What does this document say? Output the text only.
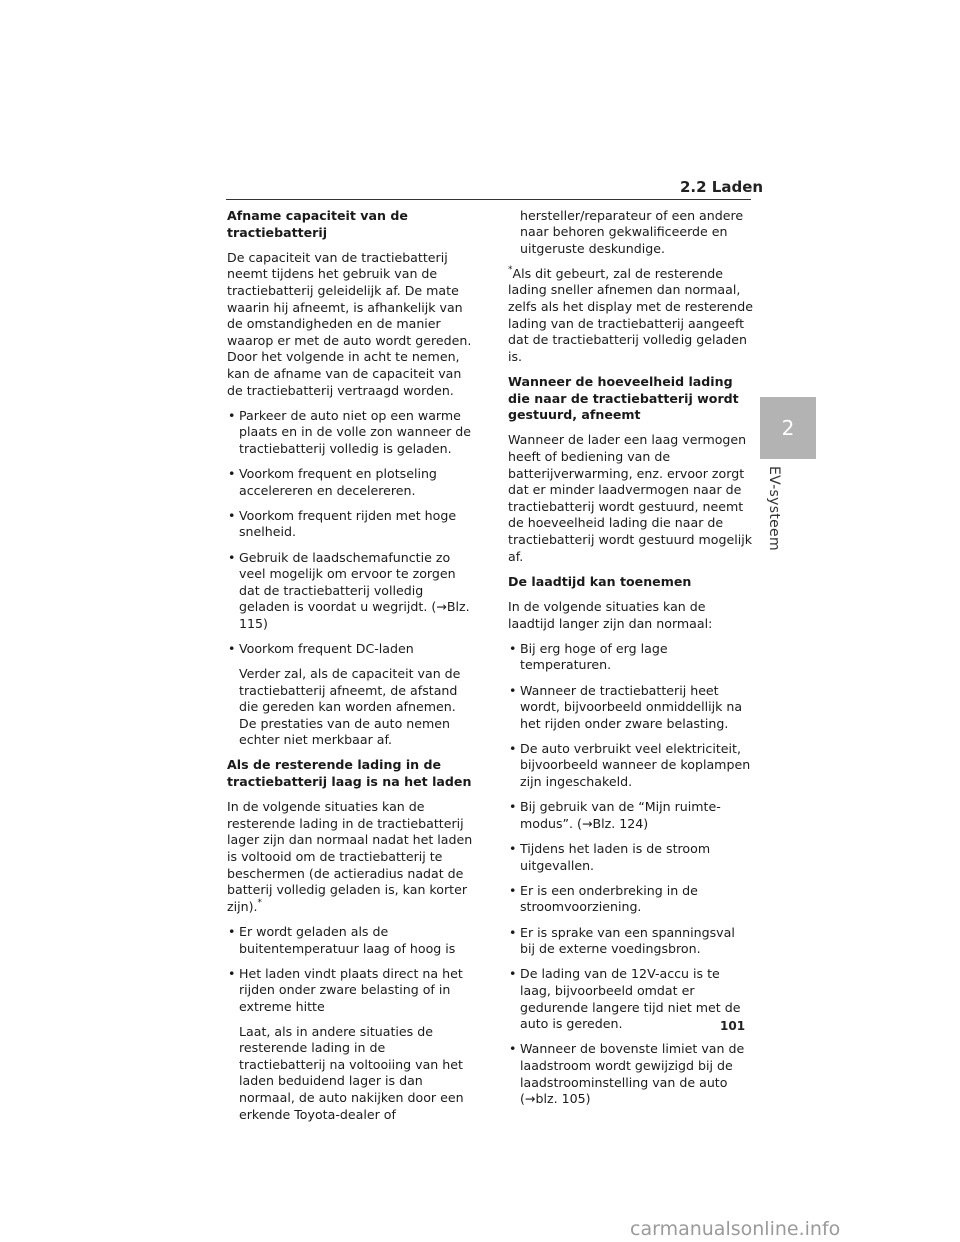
2.2 Laden
Afname capaciteit van de tractiebatterij

De capaciteit van de tractiebatterij neemt tijdens het gebruik van de tractiebatterij geleidelijk af. De mate waarin hij afneemt, is afhankelijk van de omstandigheden en de manier waarop er met de auto wordt gereden. Door het volgende in acht te nemen, kan de afname van de capaciteit van de tractiebatterij vertraagd worden.

• Parkeer de auto niet op een warme plaats en in de volle zon wanneer de tractiebatterij volledig is geladen.
• Voorkom frequent en plotseling accelereren en decelereren.
• Voorkom frequent rijden met hoge snelheid.
• Gebruik de laadschemafunctie zo veel mogelijk om ervoor te zorgen dat de tractiebatterij volledig geladen is voordat u wegrijdt. (→Blz. 115)
• Voorkom frequent DC-laden
Verder zal, als de capaciteit van de tractiebatterij afneemt, de afstand die gereden kan worden afnemen. De prestaties van de auto nemen echter niet merkbaar af.
Als de resterende lading in de tractiebatterij laag is na het laden

In de volgende situaties kan de resterende lading in de tractiebatterij lager zijn dan normaal nadat het laden is voltooid om de tractiebatterij te beschermen (de actieradius nadat de batterij volledig geladen is, kan korter zijn).*

• Er wordt geladen als de buitentemperatuur laag of hoog is
• Het laden vindt plaats direct na het rijden onder zware belasting of in extreme hitte
Laat, als in andere situaties de resterende lading in de tractiebatterij na voltooiing van het laden beduidend lager is dan normaal, de auto nakijken door een erkende Toyota-dealer of
hersteller/reparateur of een andere naar behoren gekwalificeerde en uitgeruste deskundige.

*Als dit gebeurt, zal de resterende lading sneller afnemen dan normaal, zelfs als het display met de resterende lading van de tractiebatterij aangeeft dat de tractiebatterij volledig geladen is.

Wanneer de hoeveelheid lading die naar de tractiebatterij wordt gestuurd, afneemt

Wanneer de lader een laag vermogen heeft of bediening van de batterijverwarming, enz. ervoor zorgt dat er minder laadvermogen naar de tractiebatterij wordt gestuurd, neemt de hoeveelheid lading die naar de tractiebatterij wordt gestuurd mogelijk af.

De laadtijd kan toenemen

In de volgende situaties kan de laadtijd langer zijn dan normaal:

• Bij erg hoge of erg lage temperaturen.
• Wanneer de tractiebatterij heet wordt, bijvoorbeeld onmiddellijk na het rijden onder zware belasting.
• De auto verbruikt veel elektriciteit, bijvoorbeeld wanneer de koplampen zijn ingeschakeld.
• Bij gebruik van de “Mijn ruimte-modus”. (→Blz. 124)
• Tijdens het laden is de stroom uitgevallen.
• Er is een onderbreking in de stroomvoorziening.
• Er is sprake van een spanningsval bij de externe voedingsbron.
• De lading van de 12V-accu is te laag, bijvoorbeeld omdat er gedurende langere tijd niet met de auto is gereden.
• Wanneer de bovenste limiet van de laadstroom wordt gewijzigd bij de laadstroominstelling van de auto (→blz. 105)
2
EV-systeem
101
carmanualsonline.info
